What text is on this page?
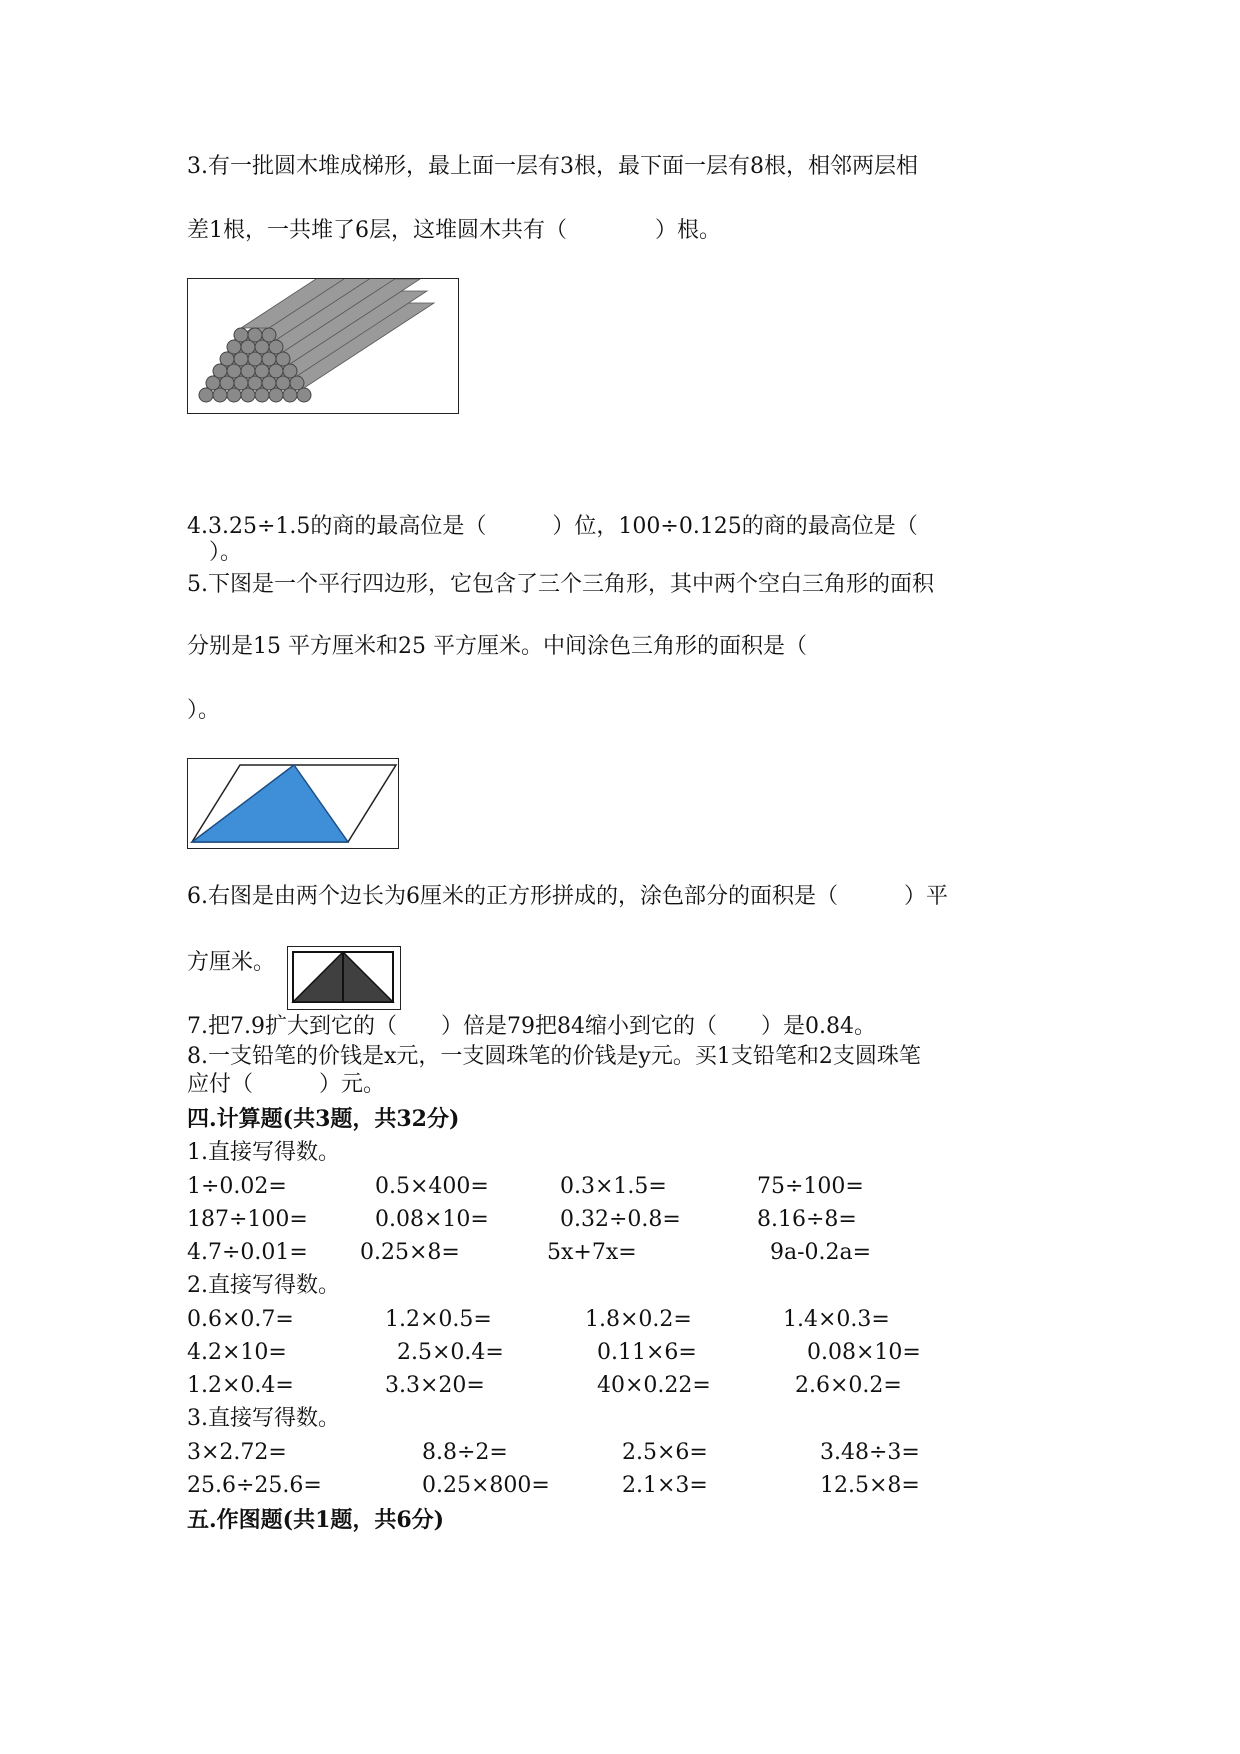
3.有一批圆木堆成梯形，最上面一层有3根，最下面一层有8根，相邻两层相
差1根，一共堆了6层，这堆圆木共有（　　　　）根。
4.3.25÷1.5的商的最高位是（　　　）位，100÷0.125的商的最高位是（
　）。
5.下图是一个平行四边形，它包含了三个三角形，其中两个空白三角形的面积
分别是15 平方厘米和25 平方厘米。中间涂色三角形的面积是（
）。
6.右图是由两个边长为6厘米的正方形拼成的，涂色部分的面积是（　　　）平
方厘米。
7.把7.9扩大到它的（　　）倍是79把84缩小到它的（　　）是0.84。
8.一支铅笔的价钱是x元，一支圆珠笔的价钱是y元。买1支铅笔和2支圆珠笔
应付（　　　）元。
四.计算题(共3题，共32分)
1.直接写得数。
1÷0.02=	0.5×400=	0.3×1.5=	75÷100=
187÷100=	0.08×10=	0.32÷0.8=	8.16÷8=
4.7÷0.01= 0.25×8=	5x+7x=	9a-0.2a=
2.直接写得数。
0.6×0.7=	1.2×0.5=	1.8×0.2=	1.4×0.3=
4.2×10=	2.5×0.4=	0.11×6=	0.08×10=
1.2×0.4=	3.3×20=	40×0.22=	2.6×0.2=
3.直接写得数。
3×2.72=	8.8÷2=	2.5×6=	3.48÷3=
25.6÷25.6=	0.25×800=	2.1×3=	12.5×8=
五.作图题(共1题，共6分)
